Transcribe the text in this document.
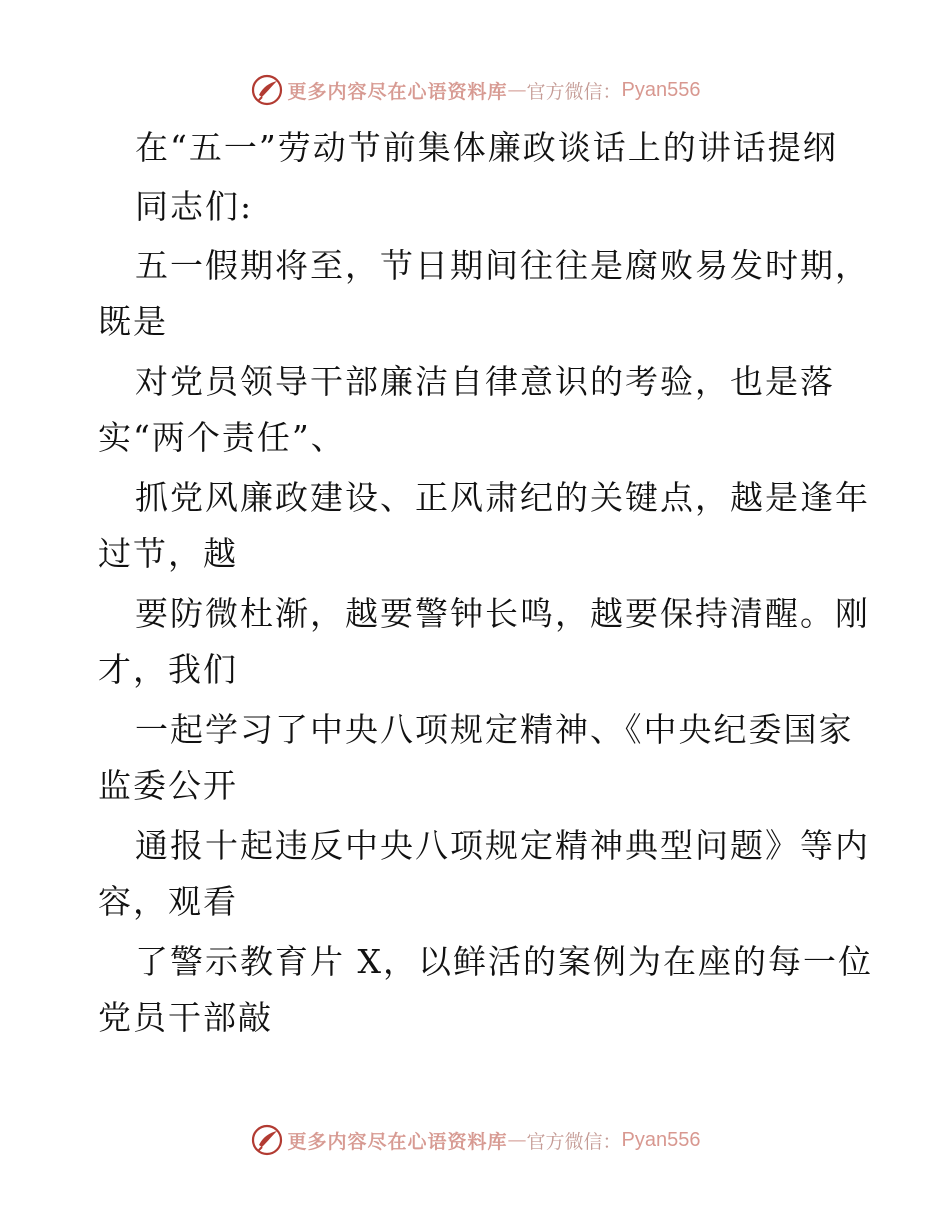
更多内容尽在心语资料库 — 官方微信： Pyan556
在“五一”劳动节前集体廉政谈话上的讲话提纲
同志们:
五一假期将至，节日期间往往是腐败易发时期，
既是
对党员领导干部廉洁自律意识的考验，也是落
实“两个责任”、
抓党风廉政建设、正风肃纪的关键点，越是逢年
过节，越
要防微杜渐，越要警钟长鸣，越要保持清醒。刚
才，我们
一起学习了中央八项规定精神、《中央纪委国家
监委公开
通报十起违反中央八项规定精神典型问题》等内
容，观看
了警示教育片 X，以鲜活的案例为在座的每一位
党员干部敲
更多内容尽在心语资料库 — 官方微信： Pyan556
